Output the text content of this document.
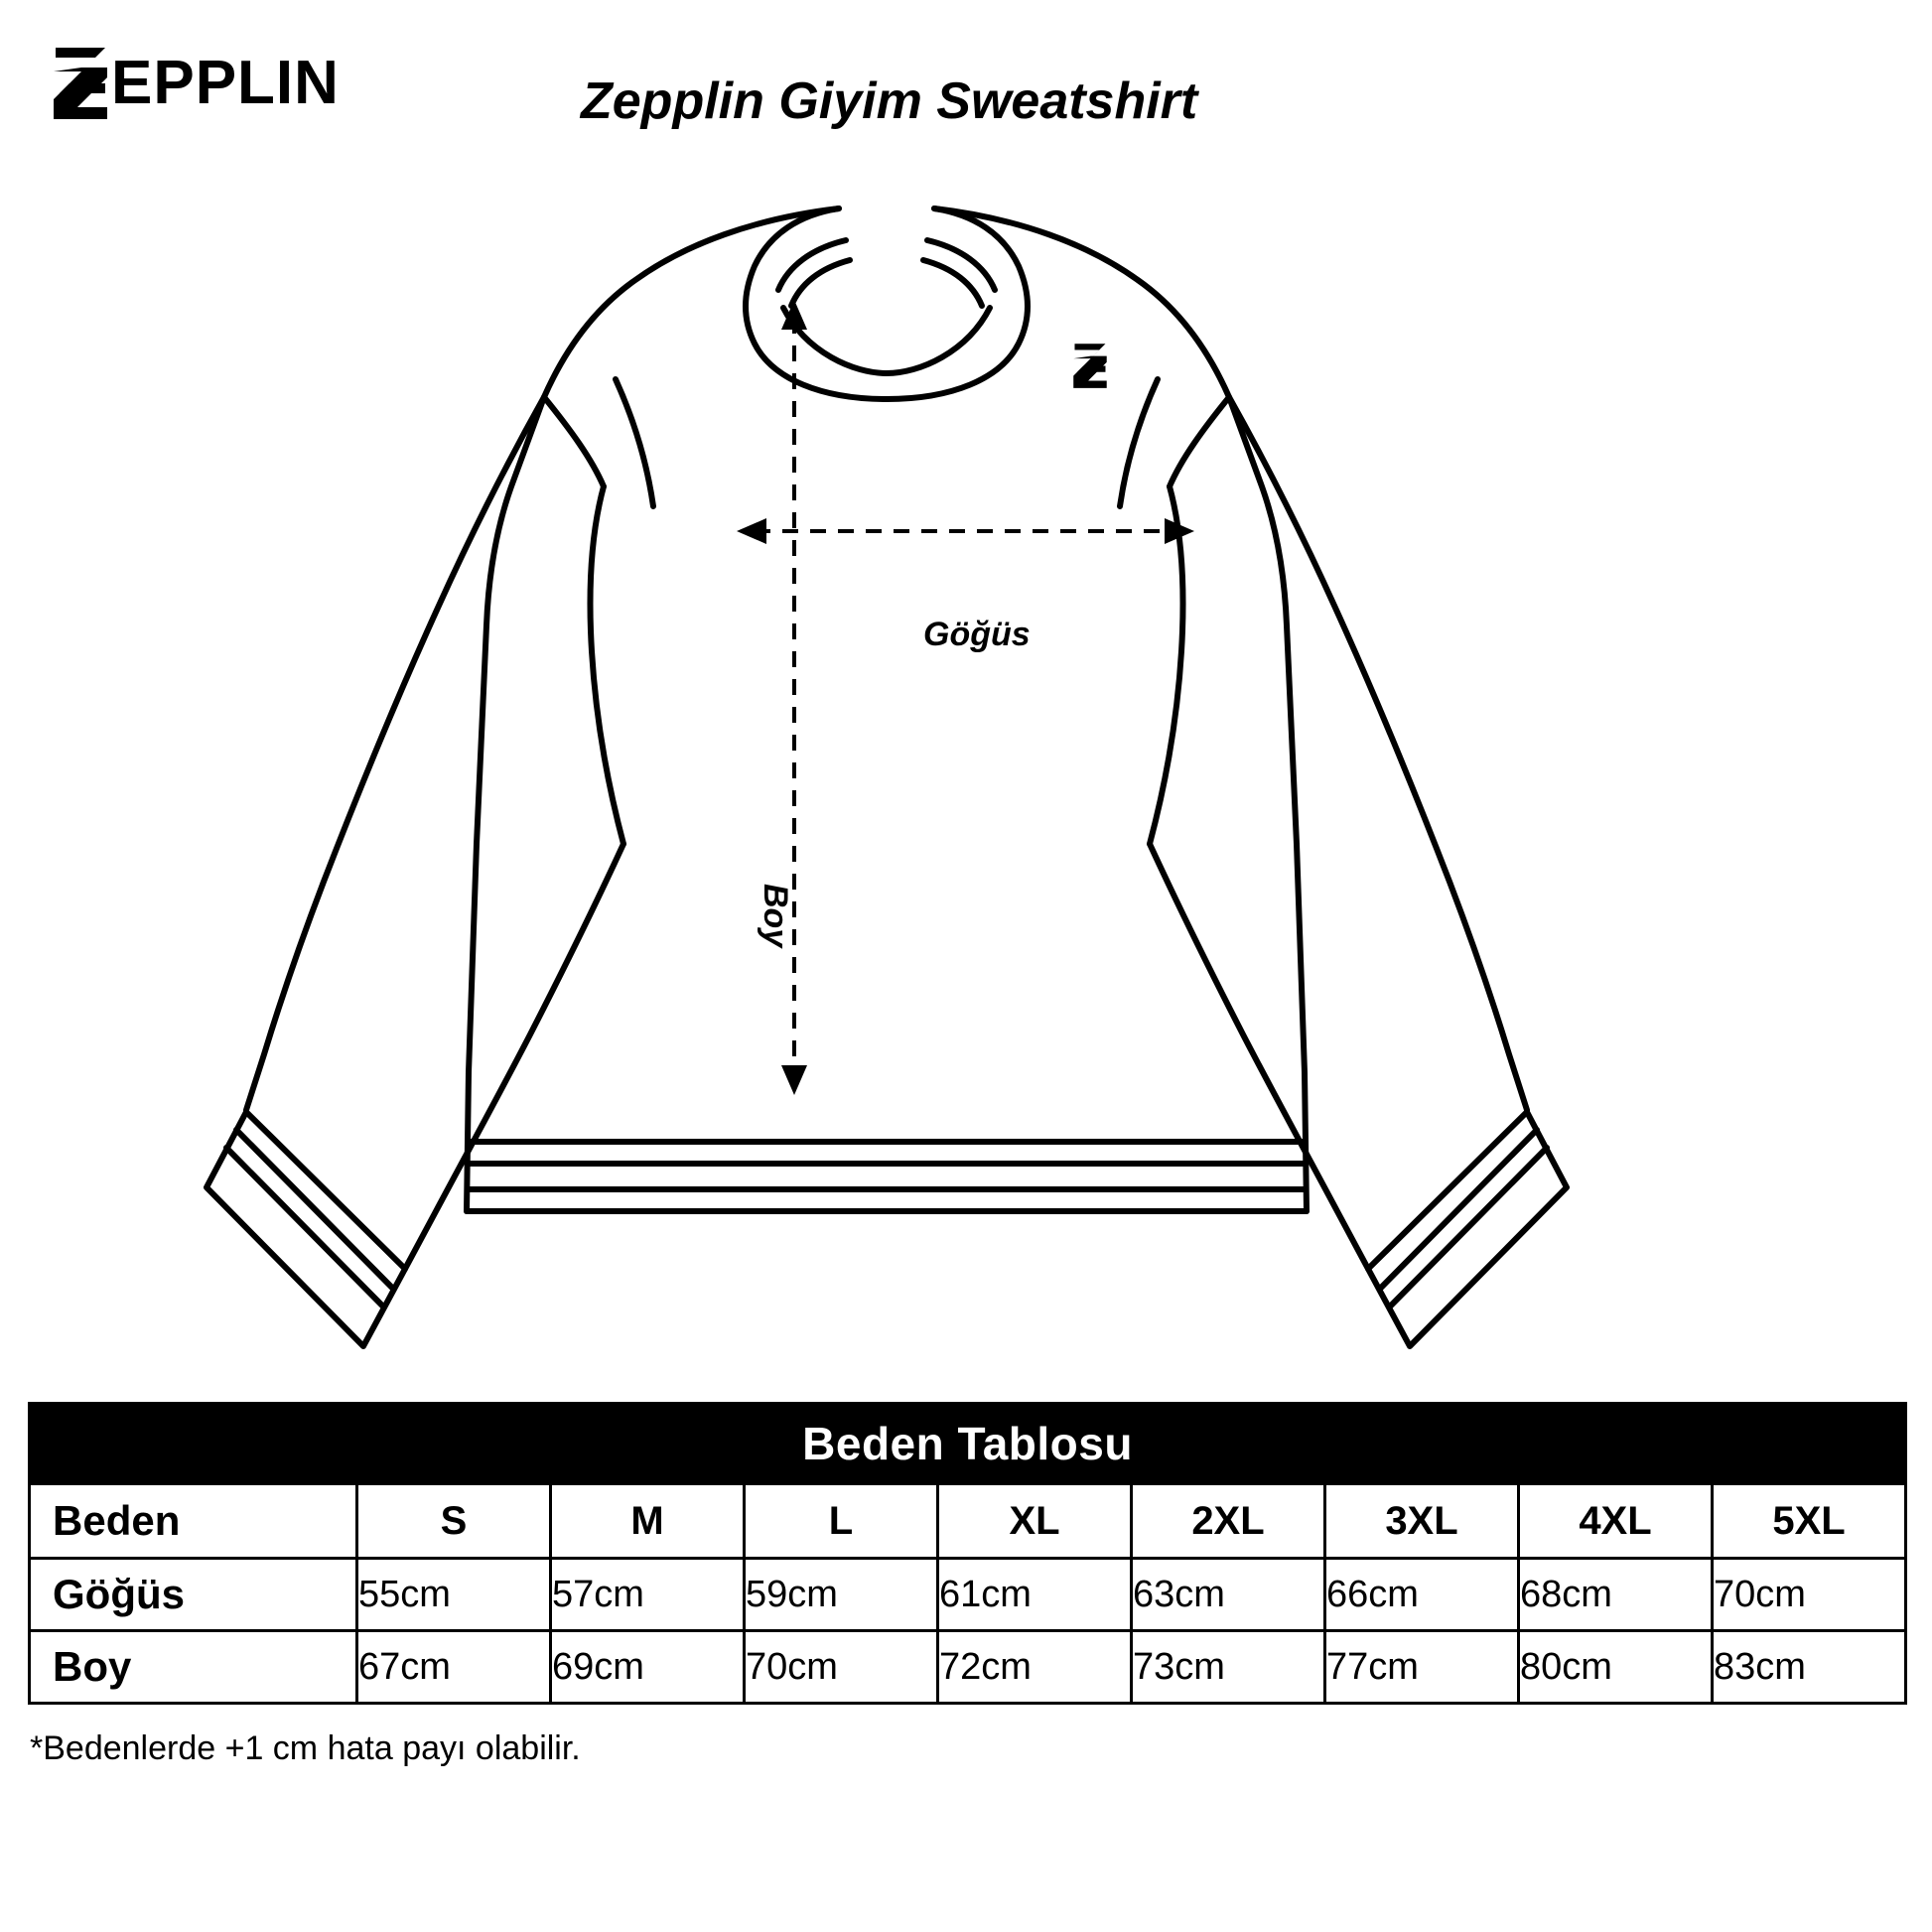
EPPLIN	Zepplin Giyim Sweatshirt
Göğüs
Boy
Beden Tablosu								
Beden	S	M	L	XL	2XL	3XL	4XL	5XL
Göğüs	55cm	57cm	59cm	61cm	63cm	66cm	68cm	70cm
Boy	67cm	69cm	70cm	72cm	73cm	77cm	80cm	83cm
*Bedenlerde +1 cm hata payı olabilir.
